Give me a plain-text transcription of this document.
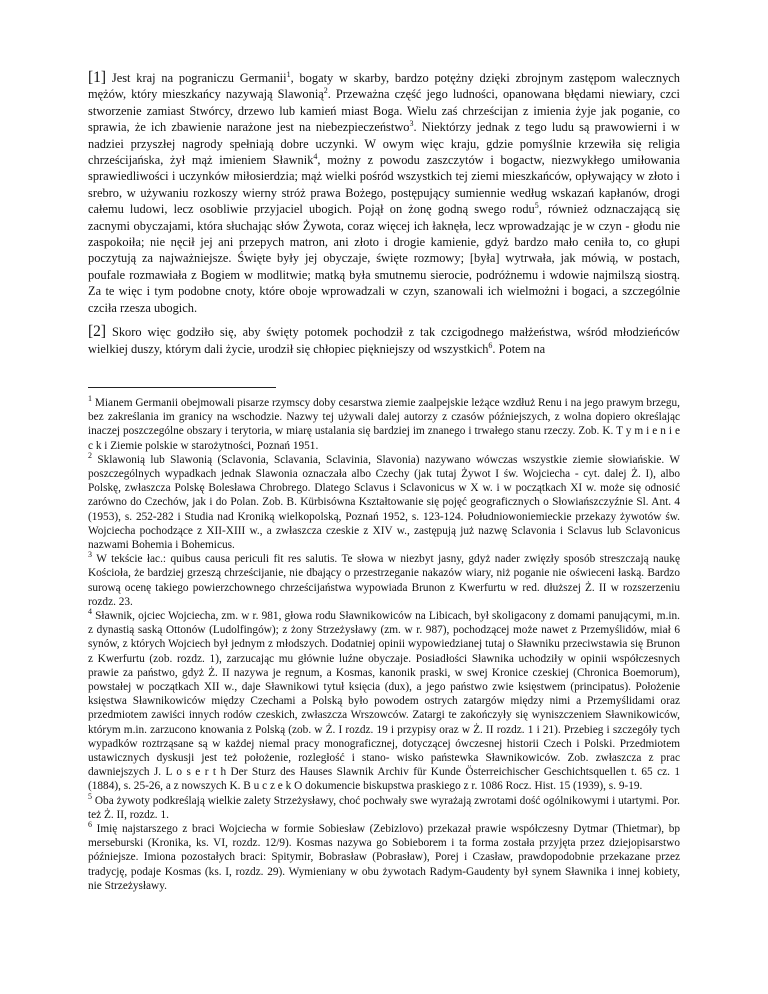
[1] Jest kraj na pograniczu Germanii$^1$, bogaty w skarby, bardzo potężny dzięki zbrojnym zastępom walecznych mężów, który mieszkańcy nazywają Slawonią$^2$. Przeważna część jego ludności, opanowana błędami niewiary, czci stworzenie zamiast Stwórcy, drzewo lub kamień miast Boga. Wielu zaś chrześcijan z imienia żyje jak poganie, co sprawia, że ich zbawienie narażone jest na niebezpieczeństwo$^3$. Niektórzy jednak z tego ludu są prawowierni i w nadziei przyszłej nagrody spełniają dobre uczynki. W owym więc kraju, gdzie pomyślnie krzewiła się religia chrześcijańska, żył mąż imieniem Sławnik$^4$, możny z powodu zaszczytów i bogactw, niezwykłego umiłowania sprawiedliwości i uczynków miłosierdzia; mąż wielki pośród wszystkich tej ziemi mieszkańców, opływający w złoto i srebro, w używaniu rozkoszy wierny stróż prawa Bożego, postępujący sumiennie według wskazań kapłanów, drogi całemu ludowi, lecz osobliwie przyjaciel ubogich. Pojął on żonę godną swego rodu$^5$, również odznaczającą się zacnymi obyczajami, która słuchając słów Żywota, coraz więcej ich łaknęła, lecz wprowadzając je w czyn - głodu nie zaspokoiła; nie nęcił jej ani przepych matron, ani złoto i drogie kamienie, gdyż bardzo mało ceniła to, co głupi poczytują za najważniejsze. Święte były jej obyczaje, święte rozmowy; [była] wytrwała, jak mówią, w postach, poufale rozmawiała z Bogiem w modlitwie; matką była smutnemu sierocie, podróżnemu i wdowie najmilszą siostrą. Za te więc i tym podobne cnoty, które oboje wprowadzali w czyn, szanowali ich wielmożni i bogaci, a szczególnie czciła rzesza ubogich.

[2] Skoro więc godziło się, aby święty potomek pochodził z tak czcigodnego małżeństwa, wśród młodzieńców wielkiej duszy, którym dali życie, urodził się chłopiec piękniejszy od wszystkich$^6$. Potem na

$^1$ Mianem Germanii obejmowali pisarze rzymscy doby cesarstwa ziemie zaalpejskie leżące wzdłuż Renu i na jego prawym brzegu, bez zakreślania im granicy na wschodzie. Nazwy tej używali dalej autorzy z czasów późniejszych, z wolna dopiero określając inaczej poszczególne obszary i terytoria, w miarę ustalania się bardziej im znanego i trwałego stanu rzeczy. Zob. K. T y m i e n i e c k i Ziemie polskie w starożytności, Poznań 1951.

$^2$ Sklawonią lub Slawonią (Sclavonia, Sclavania, Sclavinia, Slavonia) nazywano wówczas wszystkie ziemie słowiańskie. W poszczególnych wypadkach jednak Slawonia oznaczała albo Czechy (jak tutaj Żywot I św. Wojciecha - cyt. dalej Ż. I), albo Polskę, zwłaszcza Polskę Bolesława Chrobrego. Dlatego Sclavus i Sclavonicus w X w. i w początkach XI w. może się odnosić zarówno do Czechów, jak i do Polan. Zob. B. Kürbisówna Kształtowanie się pojęć geograficznych o Słowiańszczyźnie Sl. Ant. 4 (1953), s. 252-282 i Studia nad Kroniką wielkopolską, Poznań 1952, s. 123-124. Południowoniemieckie przekazy żywotów św. Wojciecha pochodzące z XII-XIII w., a zwłaszcza czeskie z XIV w., zastępują już nazwę Sclavonia i Sclavus lub Sclavonicus nazwami Bohemia i Bohemicus.

$^3$ W tekście łac.: quibus causa periculi fit res salutis. Te słowa w niezbyt jasny, gdyż nader zwięzły sposób streszczają naukę Kościoła, że bardziej grzeszą chrześcijanie, nie dbający o przestrzeganie nakazów wiary, niż poganie nie oświeceni łaską. Bardzo surową ocenę takiego powierzchownego chrześcijaństwa wypowiada Brunon z Kwerfurtu w red. dłuższej Ż. II w rozszerzeniu rozdz. 23.

$^4$ Sławnik, ojciec Wojciecha, zm. w r. 981, głowa rodu Sławnikowiców na Libicach, był skoligacony z domami panującymi, m.in. z dynastią saską Ottonów (Ludolfingów); z żony Strzeżysławy (zm. w r. 987), pochodzącej może nawet z Przemyślidów, miał 6 synów, z których Wojciech był jednym z młodszych. Dodatniej opinii wypowiedzianej tutaj o Sławniku przeciwstawia się Brunon z Kwerfurtu (zob. rozdz. 1), zarzucając mu głównie luźne obyczaje. Posiadłości Sławnika uchodziły w opinii współczesnych prawie za państwo, gdyż Ż. II nazywa je regnum, a Kosmas, kanonik praski, w swej Kronice czeskiej (Chronica Boemorum), powstałej w początkach XII w., daje Sławnikowi tytuł księcia (dux), a jego państwo zwie księstwem (principatus). Położenie księstwa Sławnikowiców między Czechami a Polską było powodem ostrych zatargów między nimi a Przemyślidami oraz przedmiotem zawiści innych rodów czeskich, zwłaszcza Wrszowców. Zatargi te zakończyły się wyniszczeniem Sławnikowiców, którym m.in. zarzucono knowania z Polską (zob. w Ż. I rozdz. 19 i przypisy oraz w Ż. II rozdz. 1 i 21). Przebieg i szczegóły tych wypadków roztrząsane są w każdej niemal pracy monograficznej, dotyczącej ówczesnej historii Czech i Polski. Przedmiotem ustawicznych dyskusji jest też położenie, rozległość i stano- wisko państewka Sławnikowiców. Zob. zwłaszcza z prac dawniejszych J. L o s e r t h Der Sturz des Hauses Slawnik Archiv für Kunde Österreichischer Geschichtsquellen t. 65 cz. 1 (1884), s. 25-26, a z nowszych K. B u c z e k O dokumencie biskupstwa praskiego z r. 1086 Rocz. Hist. 15 (1939), s. 9-19.

$^5$ Oba żywoty podkreślają wielkie zalety Strzeżysławy, choć pochwały swe wyrażają zwrotami dość ogólnikowymi i utartymi. Por. też Ż. II, rozdz. 1.

$^6$ Imię najstarszego z braci Wojciecha w formie Sobiesław (Zebizlovo) przekazał prawie współczesny Dytmar (Thietmar), bp merseburski (Kronika, ks. VI, rozdz. 12/9). Kosmas nazywa go Sobieborem i ta forma została przyjęta przez dziejopisarstwo późniejsze. Imiona pozostałych braci: Spitymir, Bobrasław (Pobrasław), Porej i Czasław, prawdopodobnie przekazane przez tradycję, podaje Kosmas (ks. I, rozdz. 29). Wymieniany w obu żywotach Radym-Gaudenty był synem Sławnika i innej kobiety, nie Strzeżysławy.
